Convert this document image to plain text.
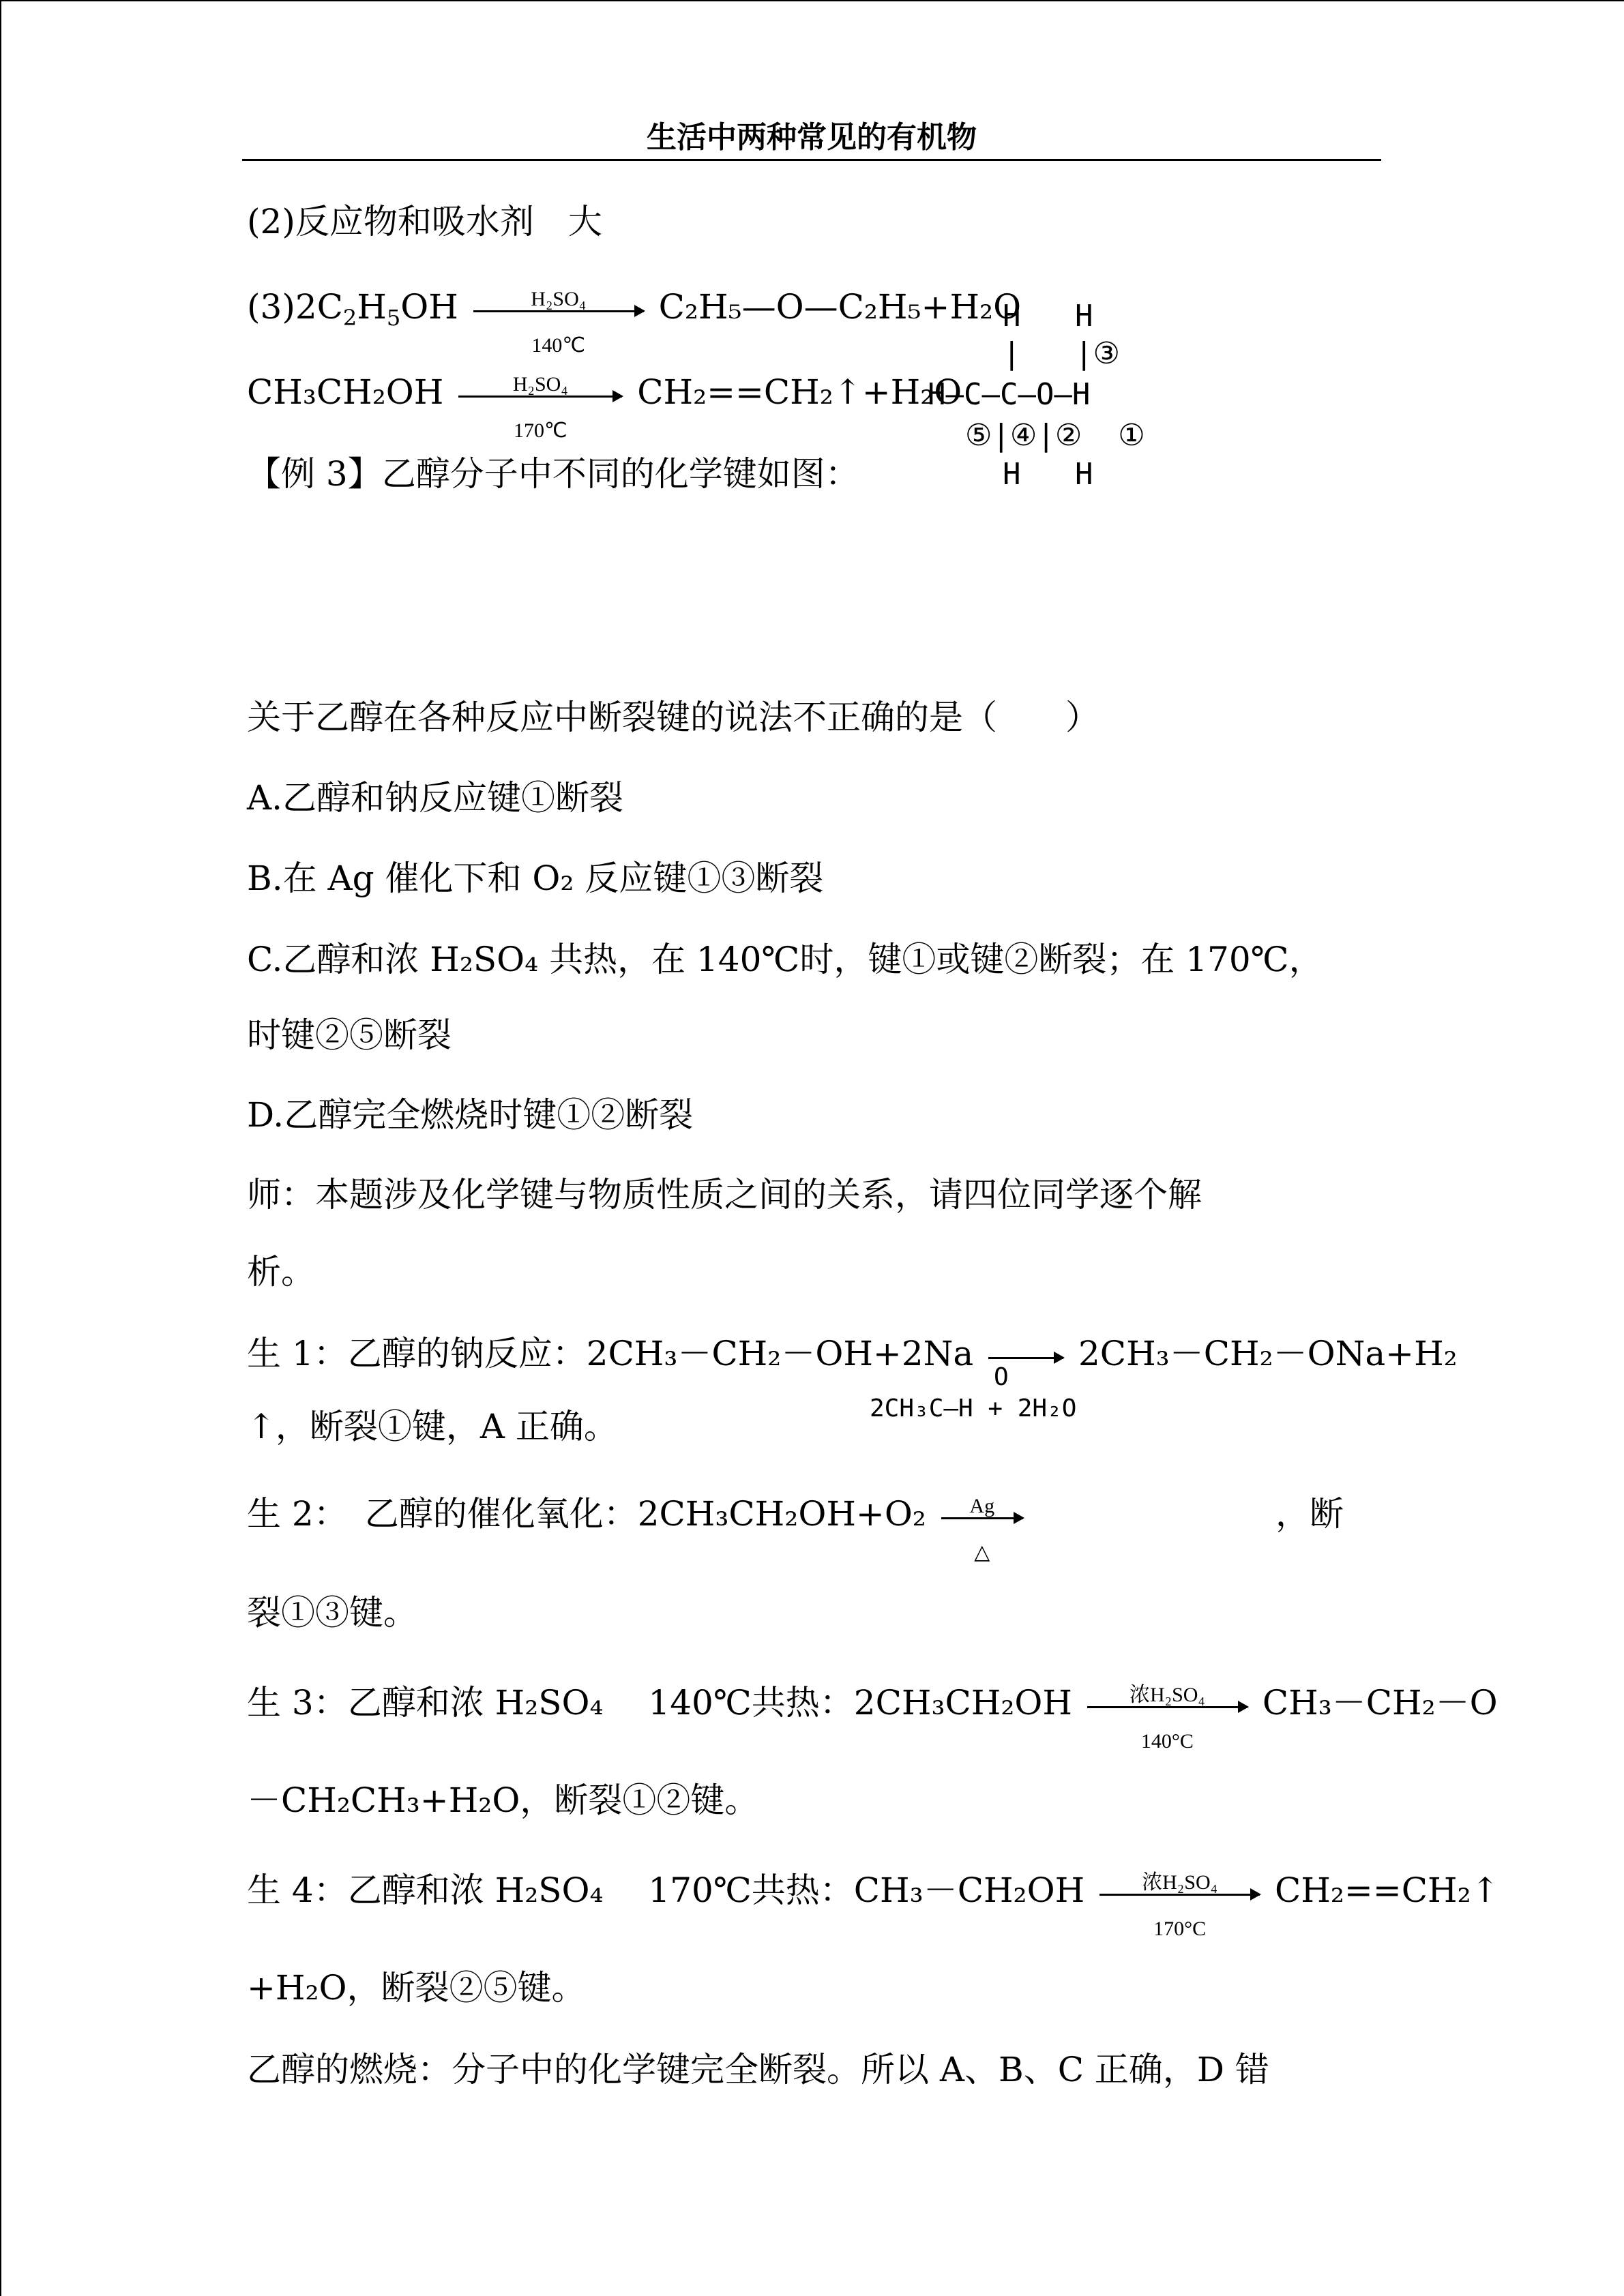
生活中两种常见的有机物
(2)反应物和吸水剂　大
$(3)2C_2H_5OH \frac{\text{H₂SO₄}}{140℃}$ C₂H₅—O—C₂H₅+H₂O
$CH_3CH_2OH \frac{\text{H₂SO₄}}{170℃}$ CH₂==CH₂↑+H₂O
【例 3】乙醇分子中不同的化学键如图：
H   H
|   |③
H—C—C—O—H
⑤|④|②  ①
H   H
关于乙醇在各种反应中断裂键的说法不正确的是（　　）
A.乙醇和钠反应键①断裂
B.在 Ag 催化下和 O₂ 反应键①③断裂
C.乙醇和浓 H₂SO₄ 共热，在 140℃时，键①或键②断裂；在 170℃，
时键②⑤断裂
D.乙醇完全燃烧时键①②断裂
师：本题涉及化学键与物质性质之间的关系，请四位同学逐个解
析。
生 1：乙醇的钠反应：2CH₃－CH₂－OH+2Na → 2CH₃－CH₂－ONa+H₂
O
2CH₃C—H + 2H₂O
↑，断裂①键，A 正确。
生 2：　乙醇的催化氧化：2CH₃CH₂OH+O₂	Ag
△
，断
裂①③键。
生 3：乙醇和浓 H₂SO₄　 140℃共热：2CH₃CH₂OH	浓H₂SO₄
140°C
CH₃－CH₂－O
－CH₂CH₃+H₂O，断裂①②键。
生 4：乙醇和浓 H₂SO₄　 170℃共热：CH₃－CH₂OH	浓H₂SO₄
170°C
CH₂==CH₂↑
+H₂O，断裂②⑤键。
乙醇的燃烧：分子中的化学键完全断裂。所以 A、B、C 正确，D 错
